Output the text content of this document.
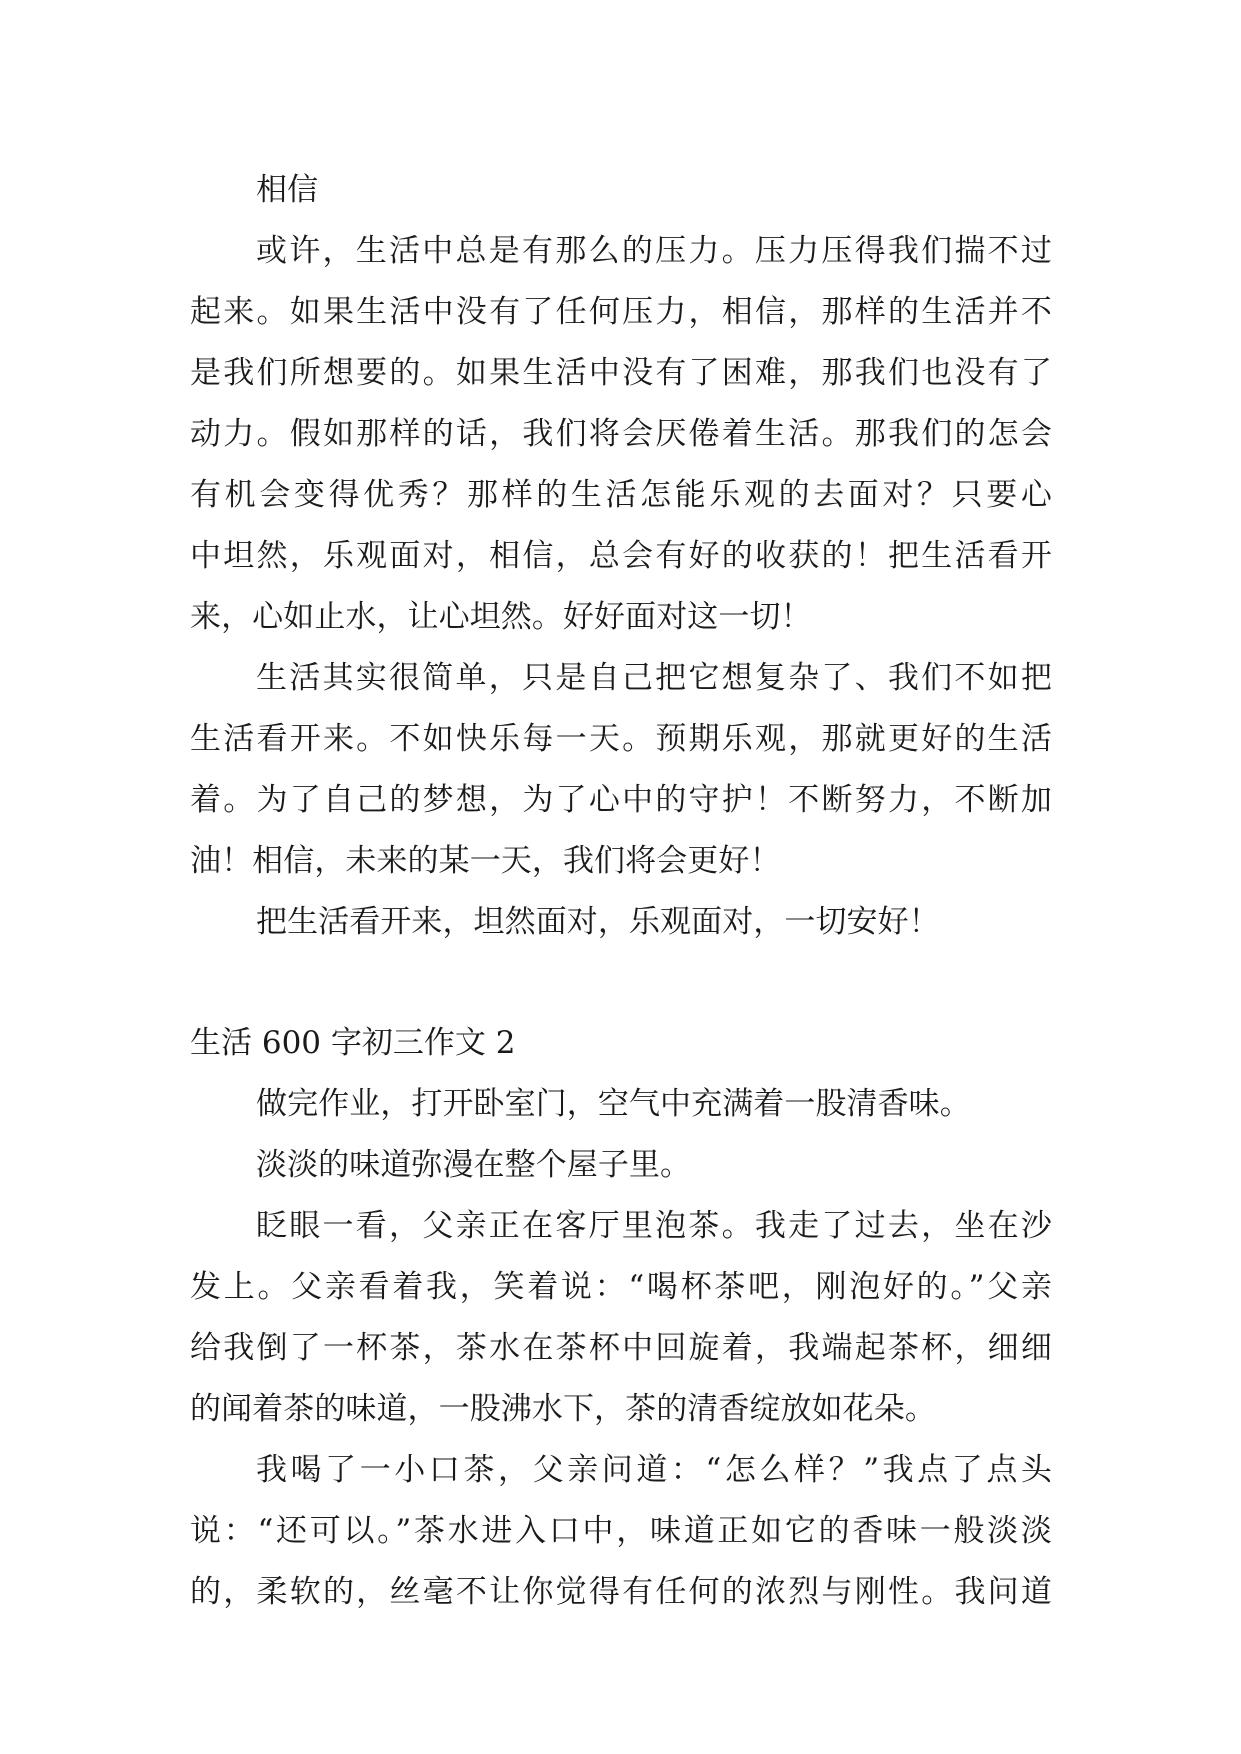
相信
或许，生活中总是有那么的压力。压力压得我们揣不过
起来。如果生活中没有了任何压力，相信，那样的生活并不
是我们所想要的。如果生活中没有了困难，那我们也没有了
动力。假如那样的话，我们将会厌倦着生活。那我们的怎会
有机会变得优秀？那样的生活怎能乐观的去面对？只要心
中坦然，乐观面对，相信，总会有好的收获的！把生活看开
来，心如止水，让心坦然。好好面对这一切！
生活其实很简单，只是自己把它想复杂了、我们不如把
生活看开来。不如快乐每一天。预期乐观，那就更好的生活
着。为了自己的梦想，为了心中的守护！不断努力，不断加
油！相信，未来的某一天，我们将会更好！
把生活看开来，坦然面对，乐观面对，一切安好！
生活 600 字初三作文 2
做完作业，打开卧室门，空气中充满着一股清香味。
淡淡的味道弥漫在整个屋子里。
眨眼一看，父亲正在客厅里泡茶。我走了过去，坐在沙
发上。父亲看着我，笑着说：“喝杯茶吧，刚泡好的。”父亲
给我倒了一杯茶，茶水在茶杯中回旋着，我端起茶杯，细细
的闻着茶的味道，一股沸水下，茶的清香绽放如花朵。
我喝了一小口茶，父亲问道：“怎么样？”我点了点头
说：“还可以。”茶水进入口中，味道正如它的香味一般淡淡
的，柔软的，丝毫不让你觉得有任何的浓烈与刚性。我问道
